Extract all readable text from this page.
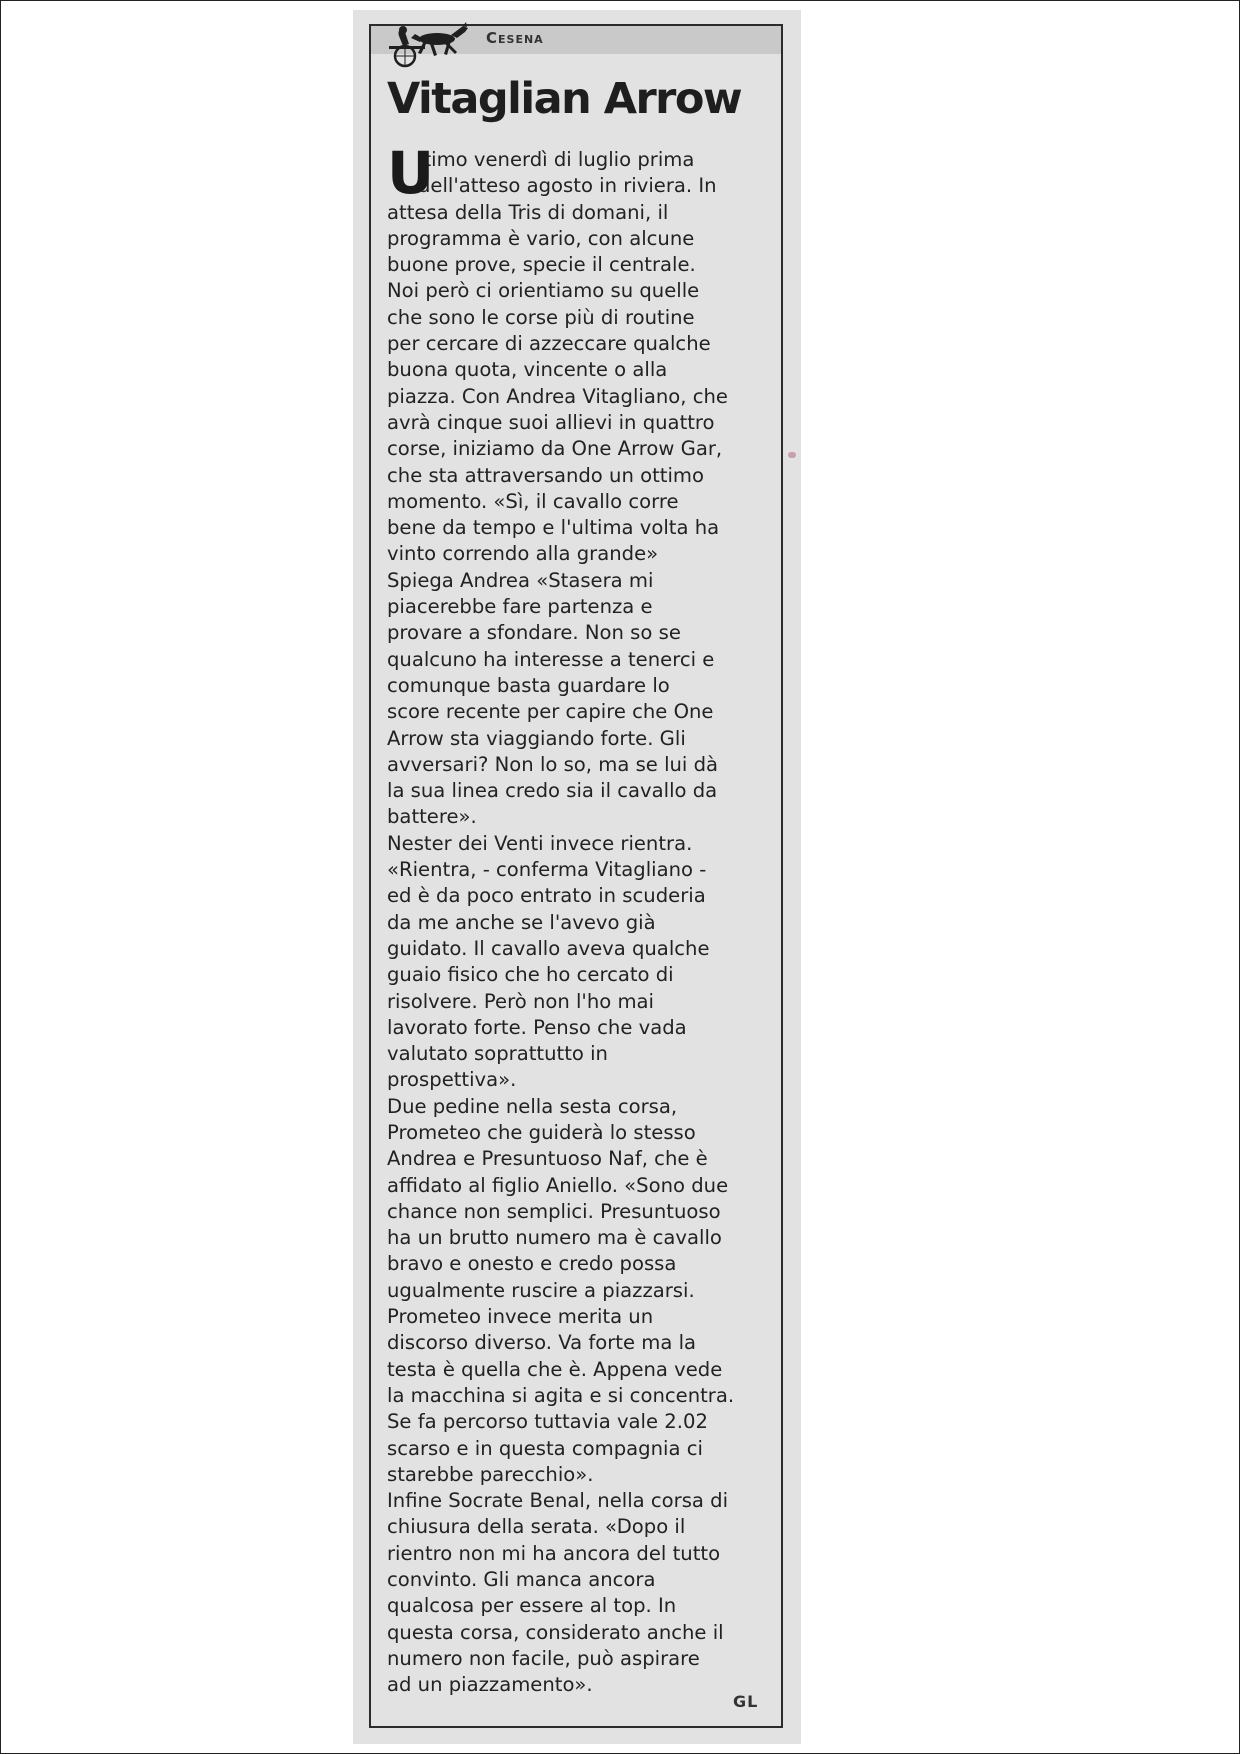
Cesena
Vitaglian Arrow
U
ltimo venerdì di luglio prima
dell'atteso agosto in riviera. In
attesa della Tris di domani, il
programma è vario, con alcune
buone prove, specie il centrale.
Noi però ci orientiamo su quelle
che sono le corse più di routine
per cercare di azzeccare qualche
buona quota, vincente o alla
piazza. Con Andrea Vitagliano, che
avrà cinque suoi allievi in quattro
corse, iniziamo da One Arrow Gar,
che sta attraversando un ottimo
momento. «Sì, il cavallo corre
bene da tempo e l'ultima volta ha
vinto correndo alla grande»
Spiega Andrea «Stasera mi
piacerebbe fare partenza e
provare a sfondare. Non so se
qualcuno ha interesse a tenerci e
comunque basta guardare lo
score recente per capire che One
Arrow sta viaggiando forte. Gli
avversari? Non lo so, ma se lui dà
la sua linea credo sia il cavallo da
battere».
Nester dei Venti invece rientra.
«Rientra, - conferma Vitagliano -
ed è da poco entrato in scuderia
da me anche se l'avevo già
guidato. Il cavallo aveva qualche
guaio fisico che ho cercato di
risolvere. Però non l'ho mai
lavorato forte. Penso che vada
valutato soprattutto in
prospettiva».
Due pedine nella sesta corsa,
Prometeo che guiderà lo stesso
Andrea e Presuntuoso Naf, che è
affidato al figlio Aniello. «Sono due
chance non semplici. Presuntuoso
ha un brutto numero ma è cavallo
bravo e onesto e credo possa
ugualmente ruscire a piazzarsi.
Prometeo invece merita un
discorso diverso. Va forte ma la
testa è quella che è. Appena vede
la macchina si agita e si concentra.
Se fa percorso tuttavia vale 2.02
scarso e in questa compagnia ci
starebbe parecchio».
Infine Socrate Benal, nella corsa di
chiusura della serata. «Dopo il
rientro non mi ha ancora del tutto
convinto. Gli manca ancora
qualcosa per essere al top. In
questa corsa, considerato anche il
numero non facile, può aspirare
ad un piazzamento».
GL
